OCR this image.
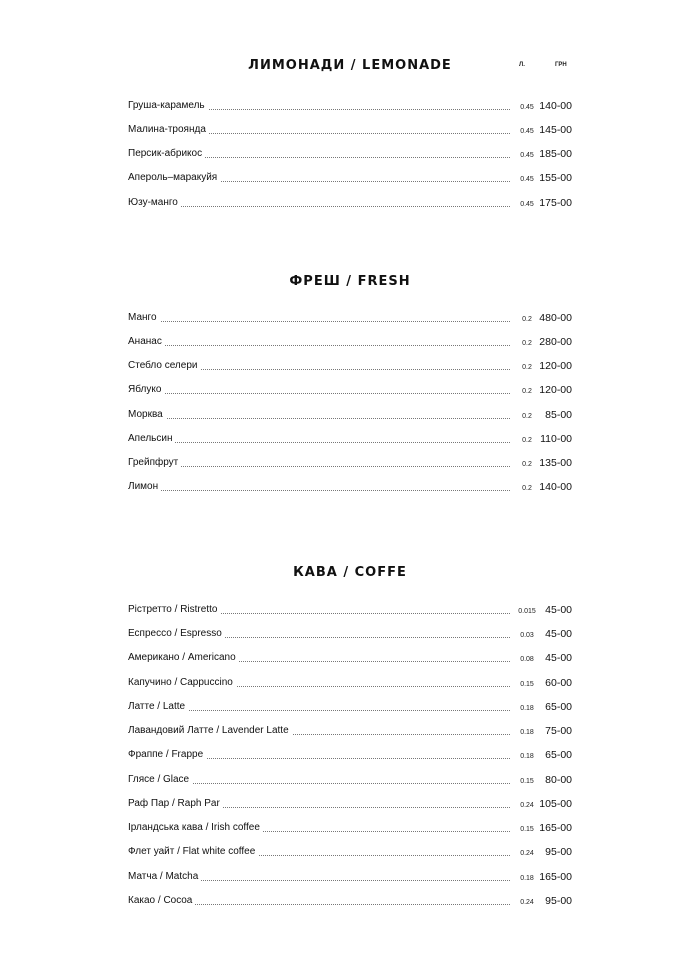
ЛИМОНАДИ / LEMONADE	Л.	ГРН
Груша-карамель	0.45 140-00
Малина-троянда	0.45 145-00
Персик-абрикос	0.45 185-00
Апероль–маракуйя	0.45 155-00
Юзу-манго	0.45 175-00
ФРЕШ / FRESH
Манго	0.2 480-00
Ананас	0.2 280-00
Стебло селери	0.2 120-00
Яблуко	0.2 120-00
Морква	0.2	85-00
Апельсин	0.2 110-00
Грейпфрут	0.2 135-00
Лимон	0.2 140-00
КАВА / COFFE
Рістретто / Ristretto	0.015 45-00
Еспрессо / Espresso	0.03	45-00
Американо / Americano	0.08	45-00
Капучино / Cappuccino	0.15	60-00
Латте / Latte	0.18	65-00
Лавандовий Латте / Lavender Latte	0.18	75-00
Фраппе / Frappe	0.18	65-00
Гляce / Glace	0.15	80-00
Раф Пар / Raph Par	0.24 105-00
Ірландська кава / Irish coffee	0.15 165-00
Флет уайт / Flat white coffee	0.24	95-00
Матча / Matcha	0.18 165-00
Какао / Cocoa	0.24	95-00
